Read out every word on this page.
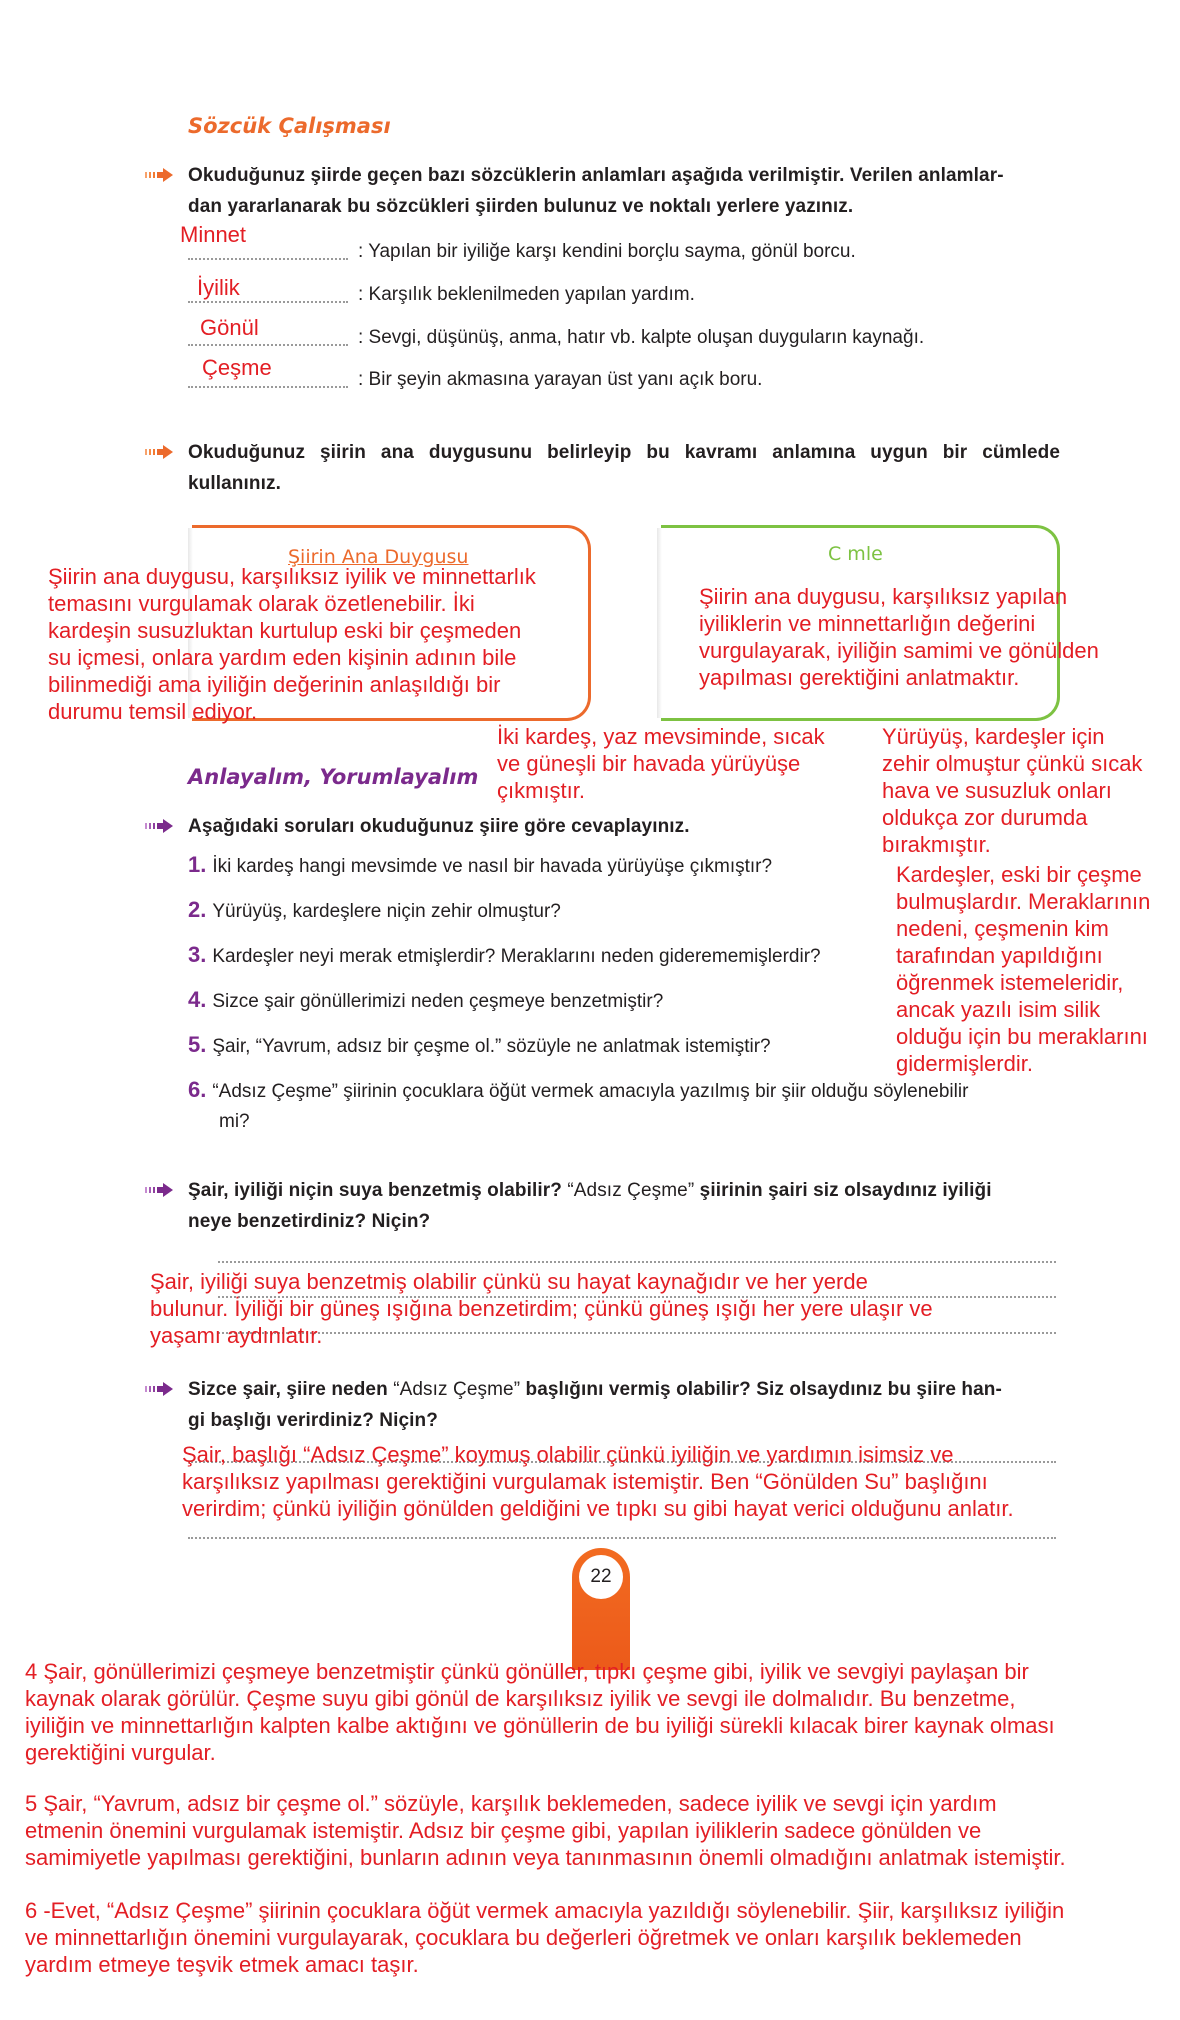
Sözcük Çalışması
Okuduğunuz şiirde geçen bazı sözcüklerin anlamları aşağıda verilmiştir. Verilen anlamlar-
dan yararlanarak bu sözcükleri şiirden bulunuz ve noktalı yerlere yazınız.
Minnet
: Yapılan bir iyiliğe karşı kendini borçlu sayma, gönül borcu.
İyilik	: Karşılık beklenilmeden yapılan yardım.
Gönül	: Sevgi, düşünüş, anma, hatır vb. kalpte oluşan duyguların kaynağı.
Çeşme	: Bir şeyin akmasına yarayan üst yanı açık boru.
Okuduğunuz şiirin ana duygusunu belirleyip bu kavramı anlamına uygun bir cümlede
kullanınız.
Şiirin Ana Duygusu	C mle
Şiirin ana duygusu, karşılıksız iyilik ve minnettarlık
temasını vurgulamak olarak özetlenebilir. İki
kardeşin susuzluktan kurtulup eski bir çeşmeden
su içmesi, onlara yardım eden kişinin adının bile
bilinmediği ama iyiliğin değerinin anlaşıldığı bir
durumu temsil ediyor.
Şiirin ana duygusu, karşılıksız yapılan
iyiliklerin ve minnettarlığın değerini
vurgulayarak, iyiliğin samimi ve gönülden
yapılması gerektiğini anlatmaktır.
Anlayalım, Yorumlayalım
İki kardeş, yaz mevsiminde, sıcak
ve güneşli bir havada yürüyüşe
çıkmıştır.
Yürüyüş, kardeşler için
zehir olmuştur çünkü sıcak
hava ve susuzluk onları
oldukça zor durumda
bırakmıştır.
Kardeşler, eski bir çeşme
bulmuşlardır. Meraklarının
nedeni, çeşmenin kim
tarafından yapıldığını
öğrenmek istemeleridir,
ancak yazılı isim silik
olduğu için bu meraklarını
gidermişlerdir.
Aşağıdaki soruları okuduğunuz şiire göre cevaplayınız.
1. İki kardeş hangi mevsimde ve nasıl bir havada yürüyüşe çıkmıştır?
2. Yürüyüş, kardeşlere niçin zehir olmuştur?
3. Kardeşler neyi merak etmişlerdir? Meraklarını neden giderememişlerdir?
4. Sizce şair gönüllerimizi neden çeşmeye benzetmiştir?
5. Şair, “Yavrum, adsız bir çeşme ol.” sözüyle ne anlatmak istemiştir?
6. “Adsız Çeşme” şiirinin çocuklara öğüt vermek amacıyla yazılmış bir şiir olduğu söylenebilir
mi?
Şair, iyiliği niçin suya benzetmiş olabilir? “Adsız Çeşme” şiirinin şairi siz olsaydınız iyiliği
neye benzetirdiniz? Niçin?
Şair, iyiliği suya benzetmiş olabilir çünkü su hayat kaynağıdır ve her yerde
bulunur. İyiliği bir güneş ışığına benzetirdim; çünkü güneş ışığı her yere ulaşır ve
yaşamı aydınlatır.
Sizce şair, şiire neden “Adsız Çeşme” başlığını vermiş olabilir? Siz olsaydınız bu şiire han-
gi başlığı verirdiniz? Niçin?
Şair, başlığı “Adsız Çeşme” koymuş olabilir çünkü iyiliğin ve yardımın isimsiz ve
karşılıksız yapılması gerektiğini vurgulamak istemiştir. Ben “Gönülden Su” başlığını
verirdim; çünkü iyiliğin gönülden geldiğini ve tıpkı su gibi hayat verici olduğunu anlatır.
22
4 Şair, gönüllerimizi çeşmeye benzetmiştir çünkü gönüller, tıpkı çeşme gibi, iyilik ve sevgiyi paylaşan bir
kaynak olarak görülür. Çeşme suyu gibi gönül de karşılıksız iyilik ve sevgi ile dolmalıdır. Bu benzetme,
iyiliğin ve minnettarlığın kalpten kalbe aktığını ve gönüllerin de bu iyiliği sürekli kılacak birer kaynak olması
gerektiğini vurgular.
5 Şair, “Yavrum, adsız bir çeşme ol.” sözüyle, karşılık beklemeden, sadece iyilik ve sevgi için yardım
etmenin önemini vurgulamak istemiştir. Adsız bir çeşme gibi, yapılan iyiliklerin sadece gönülden ve
samimiyetle yapılması gerektiğini, bunların adının veya tanınmasının önemli olmadığını anlatmak istemiştir.
6 -Evet, “Adsız Çeşme” şiirinin çocuklara öğüt vermek amacıyla yazıldığı söylenebilir. Şiir, karşılıksız iyiliğin
ve minnettarlığın önemini vurgulayarak, çocuklara bu değerleri öğretmek ve onları karşılık beklemeden
yardım etmeye teşvik etmek amacı taşır.
